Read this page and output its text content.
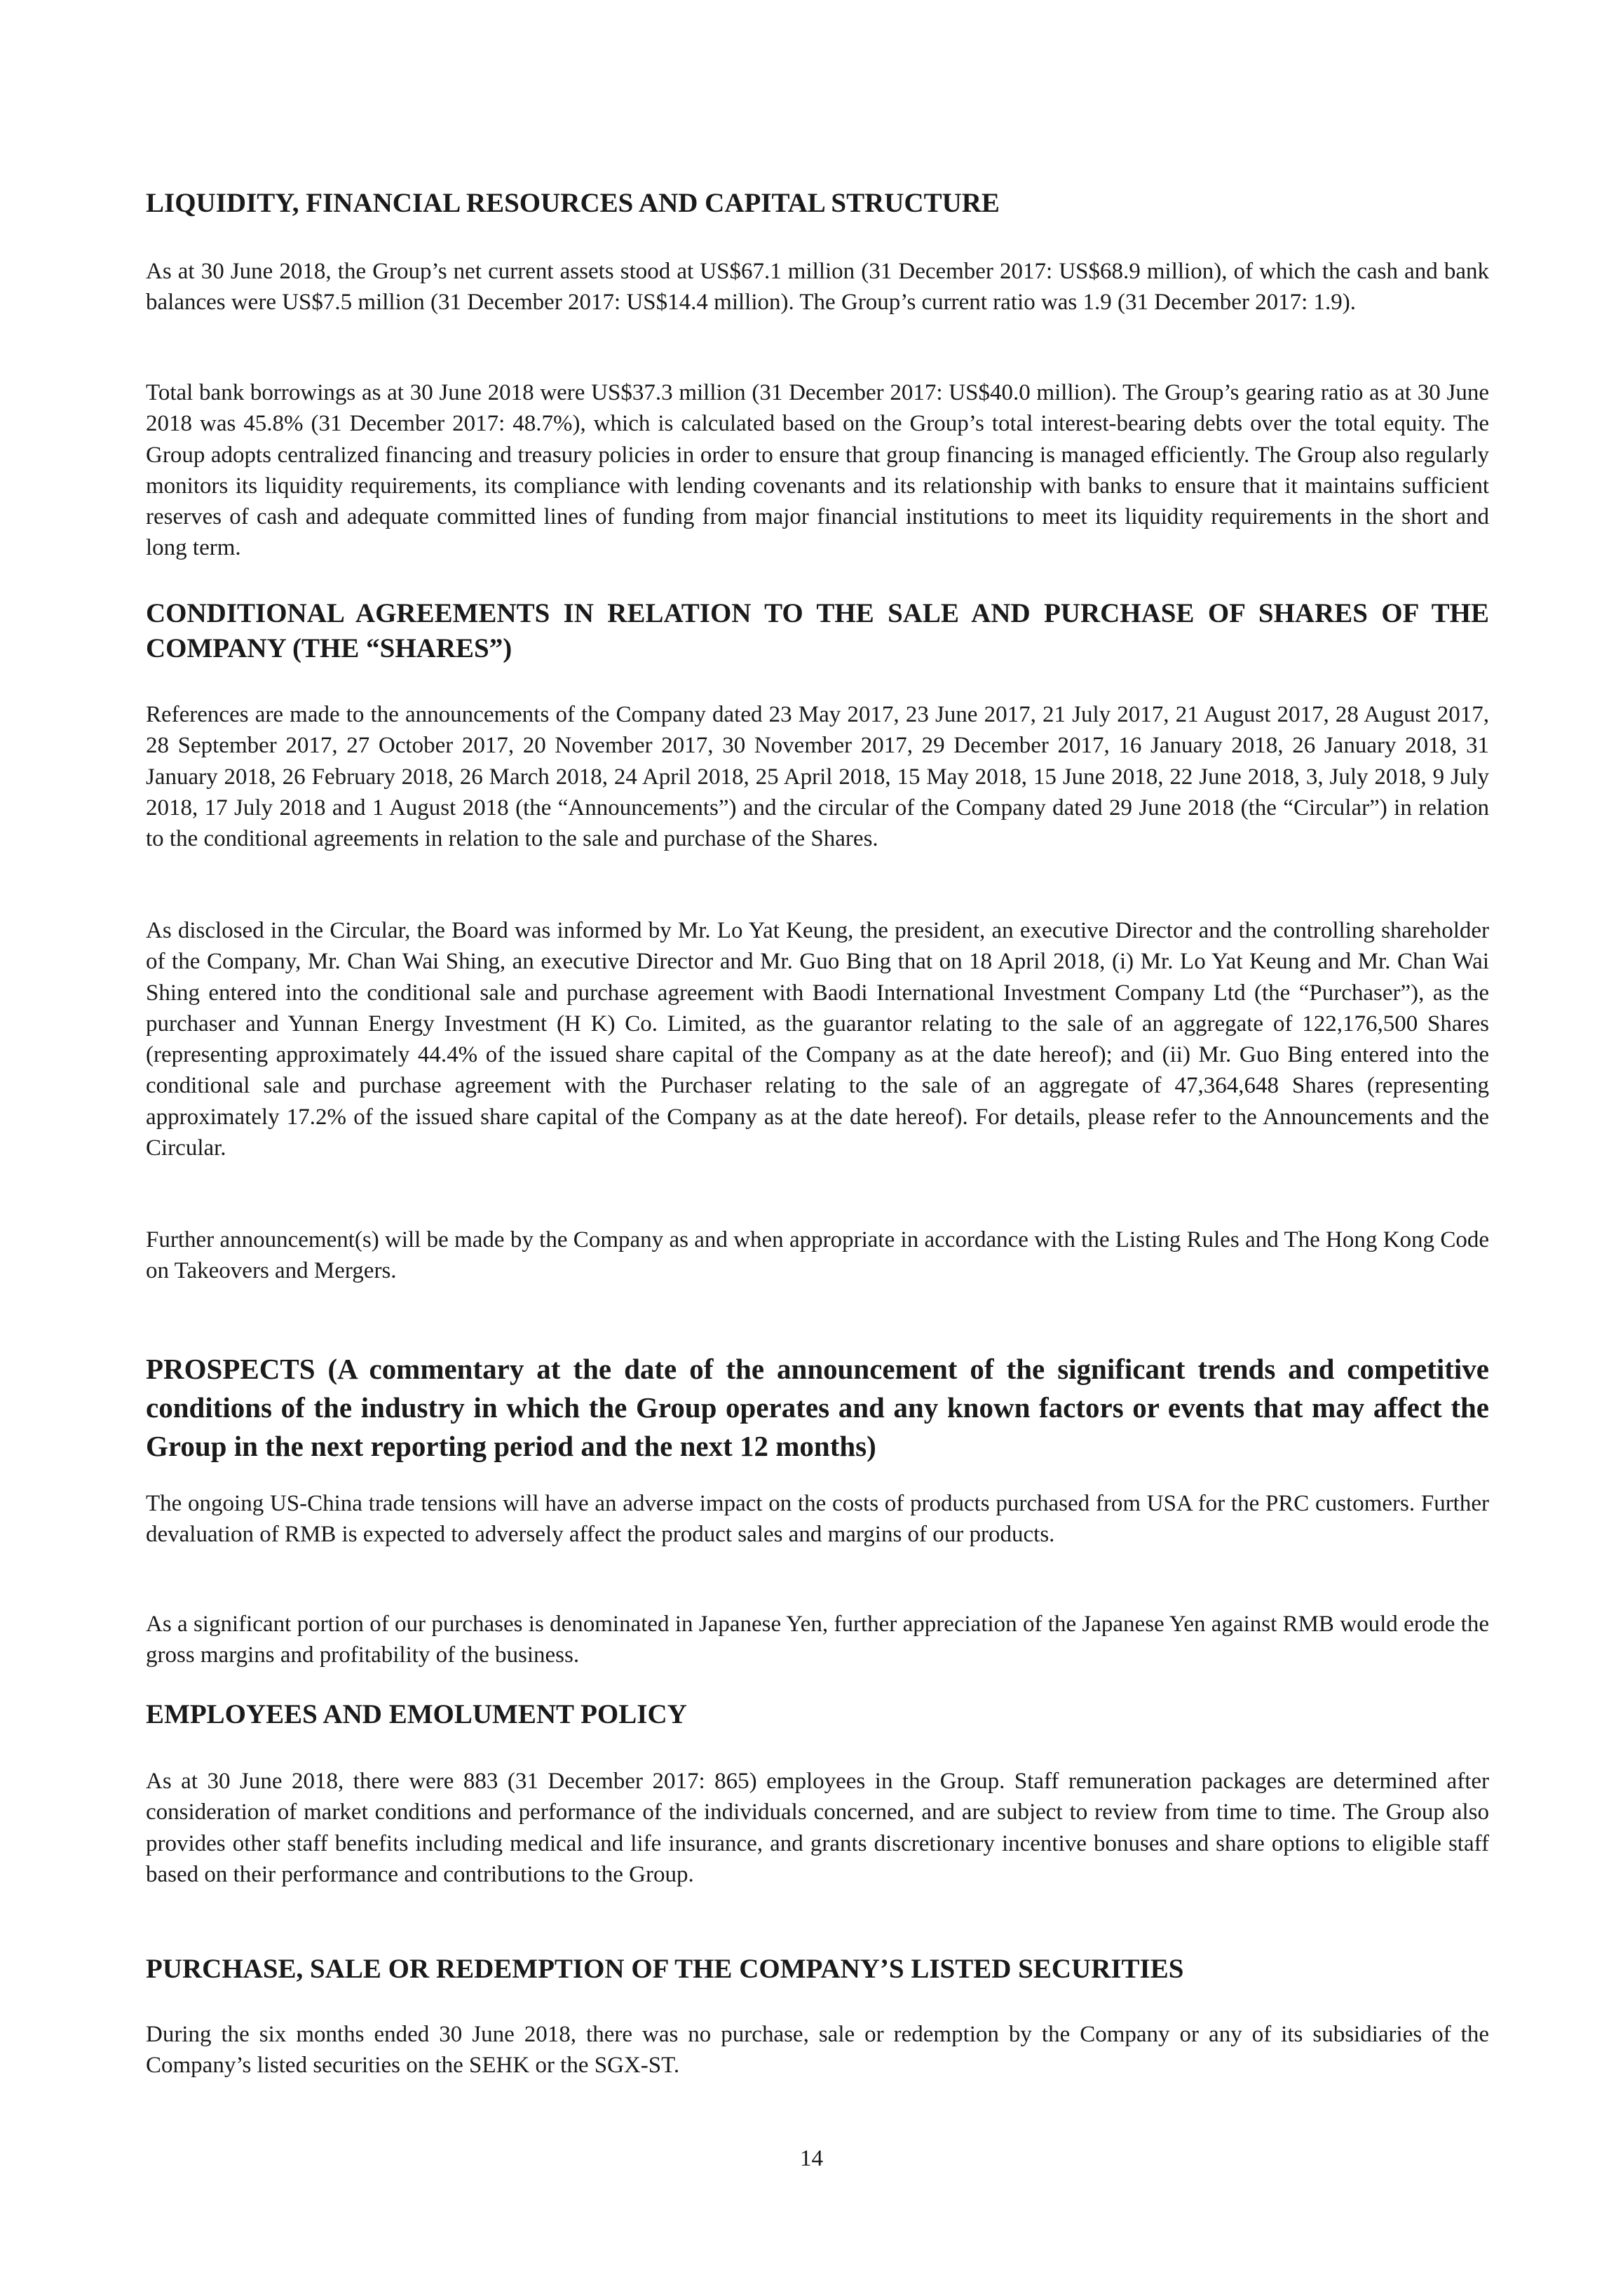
LIQUIDITY, FINANCIAL RESOURCES AND CAPITAL STRUCTURE

As at 30 June 2018, the Group’s net current assets stood at US$67.1 million (31 December 2017: US$68.9 million), of which the cash and bank balances were US$7.5 million (31 December 2017: US$14.4 million). The Group’s current ratio was 1.9 (31 December 2017: 1.9).

Total bank borrowings as at 30 June 2018 were US$37.3 million (31 December 2017: US$40.0 million). The Group’s gearing ratio as at 30 June 2018 was 45.8% (31 December 2017: 48.7%), which is calculated based on the Group’s total interest-bearing debts over the total equity. The Group adopts centralized financing and treasury policies in order to ensure that group financing is managed efficiently. The Group also regularly monitors its liquidity requirements, its compliance with lending covenants and its relationship with banks to ensure that it maintains sufficient reserves of cash and adequate committed lines of funding from major financial institutions to meet its liquidity requirements in the short and long term.

CONDITIONAL AGREEMENTS IN RELATION TO THE SALE AND PURCHASE OF SHARES OF THE COMPANY (THE “SHARES”)

References are made to the announcements of the Company dated 23 May 2017, 23 June 2017, 21 July 2017, 21 August 2017, 28 August 2017, 28 September 2017, 27 October 2017, 20 November 2017, 30 November 2017, 29 December 2017, 16 January 2018, 26 January 2018, 31 January 2018, 26 February 2018, 26 March 2018, 24 April 2018, 25 April 2018, 15 May 2018, 15 June 2018, 22 June 2018, 3, July 2018, 9 July 2018, 17 July 2018 and 1 August 2018 (the “Announcements”) and the circular of the Company dated 29 June 2018 (the “Circular”) in relation to the conditional agreements in relation to the sale and purchase of the Shares.

As disclosed in the Circular, the Board was informed by Mr. Lo Yat Keung, the president, an executive Director and the controlling shareholder of the Company, Mr. Chan Wai Shing, an executive Director and Mr. Guo Bing that on 18 April 2018, (i) Mr. Lo Yat Keung and Mr. Chan Wai Shing entered into the conditional sale and purchase agreement with Baodi International Investment Company Ltd (the “Purchaser”), as the purchaser and Yunnan Energy Investment (H K) Co. Limited, as the guarantor relating to the sale of an aggregate of 122,176,500 Shares (representing approximately 44.4% of the issued share capital of the Company as at the date hereof); and (ii) Mr. Guo Bing entered into the conditional sale and purchase agreement with the Purchaser relating to the sale of an aggregate of 47,364,648 Shares (representing approximately 17.2% of the issued share capital of the Company as at the date hereof). For details, please refer to the Announcements and the Circular.

Further announcement(s) will be made by the Company as and when appropriate in accordance with the Listing Rules and The Hong Kong Code on Takeovers and Mergers.

PROSPECTS (A commentary at the date of the announcement of the significant trends and competitive conditions of the industry in which the Group operates and any known factors or events that may affect the Group in the next reporting period and the next 12 months)

The ongoing US-China trade tensions will have an adverse impact on the costs of products purchased from USA for the PRC customers. Further devaluation of RMB is expected to adversely affect the product sales and margins of our products.

As a significant portion of our purchases is denominated in Japanese Yen, further appreciation of the Japanese Yen against RMB would erode the gross margins and profitability of the business.

EMPLOYEES AND EMOLUMENT POLICY

As at 30 June 2018, there were 883 (31 December 2017: 865) employees in the Group. Staff remuneration packages are determined after consideration of market conditions and performance of the individuals concerned, and are subject to review from time to time. The Group also provides other staff benefits including medical and life insurance, and grants discretionary incentive bonuses and share options to eligible staff based on their performance and contributions to the Group.

PURCHASE, SALE OR REDEMPTION OF THE COMPANY’S LISTED SECURITIES

During the six months ended 30 June 2018, there was no purchase, sale or redemption by the Company or any of its subsidiaries of the Company’s listed securities on the SEHK or the SGX-ST.

14
